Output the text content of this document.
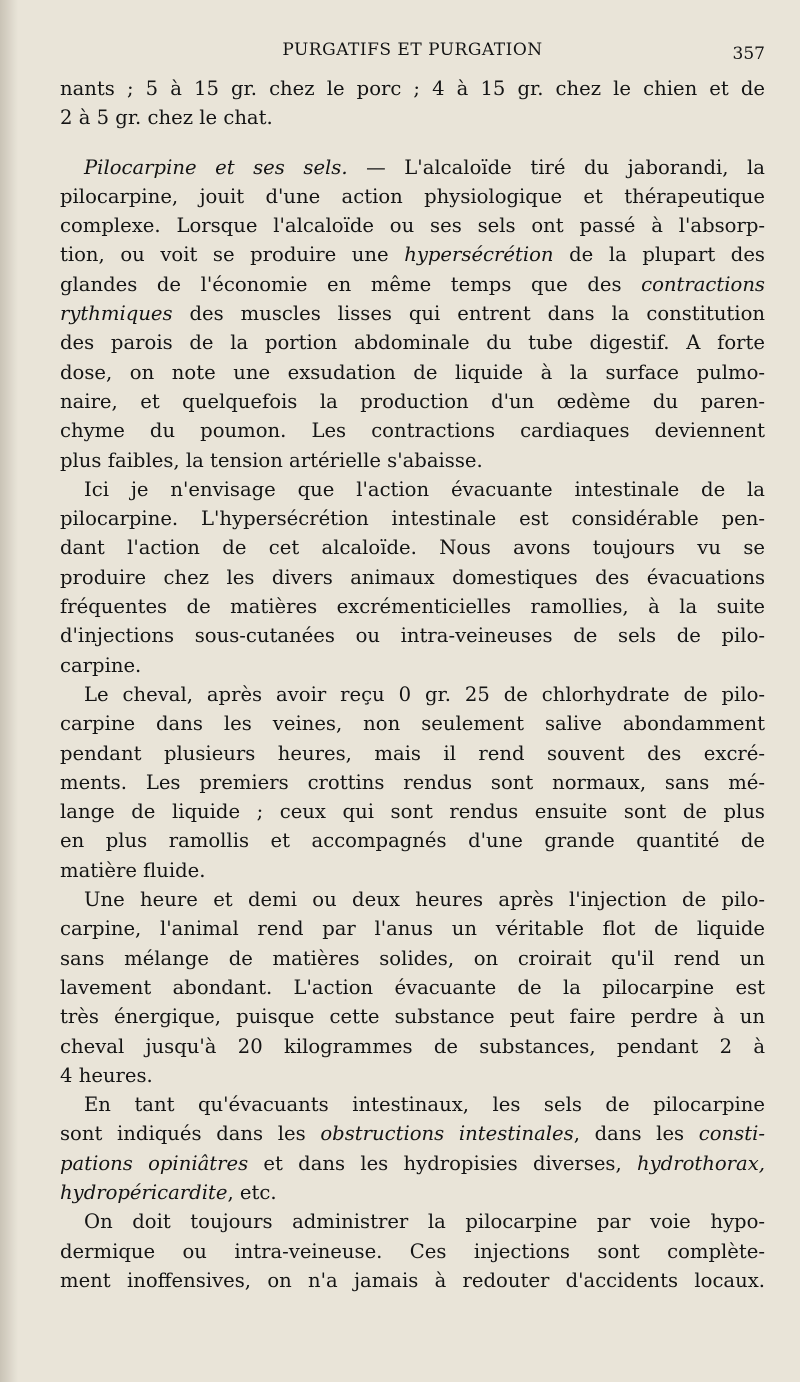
PURGATIFS ET PURGATION	357
nants ; 5 à 15 gr. chez le porc ; 4 à 15 gr. chez le chien et de
2 à 5 gr. chez le chat.
Pilocarpine et ses sels. — L'alcaloïde tiré du jaborandi, la
pilocarpine, jouit d'une action physiologique et thérapeutique
complexe. Lorsque l'alcaloïde ou ses sels ont passé à l'absorp-
tion, ou voit se produire une hypersécrétion de la plupart des
glandes de l'économie en même temps que des contractions
rythmiques des muscles lisses qui entrent dans la constitution
des parois de la portion abdominale du tube digestif. A forte
dose, on note une exsudation de liquide à la surface pulmo-
naire, et quelquefois la production d'un œdème du paren-
chyme du poumon. Les contractions cardiaques deviennent
plus faibles, la tension artérielle s'abaisse.
Ici je n'envisage que l'action évacuante intestinale de la
pilocarpine. L'hypersécrétion intestinale est considérable pen-
dant l'action de cet alcaloïde. Nous avons toujours vu se
produire chez les divers animaux domestiques des évacuations
fréquentes de matières excrémenticielles ramollies, à la suite
d'injections sous-cutanées ou intra-veineuses de sels de pilo-
carpine.
Le cheval, après avoir reçu 0 gr. 25 de chlorhydrate de pilo-
carpine dans les veines, non seulement salive abondamment
pendant plusieurs heures, mais il rend souvent des excré-
ments. Les premiers crottins rendus sont normaux, sans mé-
lange de liquide ; ceux qui sont rendus ensuite sont de plus
en plus ramollis et accompagnés d'une grande quantité de
matière fluide.
Une heure et demi ou deux heures après l'injection de pilo-
carpine, l'animal rend par l'anus un véritable flot de liquide
sans mélange de matières solides, on croirait qu'il rend un
lavement abondant. L'action évacuante de la pilocarpine est
très énergique, puisque cette substance peut faire perdre à un
cheval jusqu'à 20 kilogrammes de substances, pendant 2 à
4 heures.
En tant qu'évacuants intestinaux, les sels de pilocarpine
sont indiqués dans les obstructions intestinales, dans les consti-
pations opiniâtres et dans les hydropisies diverses, hydrothorax,
hydropéricardite, etc.
On doit toujours administrer la pilocarpine par voie hypo-
dermique ou intra-veineuse. Ces injections sont complète-
ment inoffensives, on n'a jamais à redouter d'accidents locaux.
